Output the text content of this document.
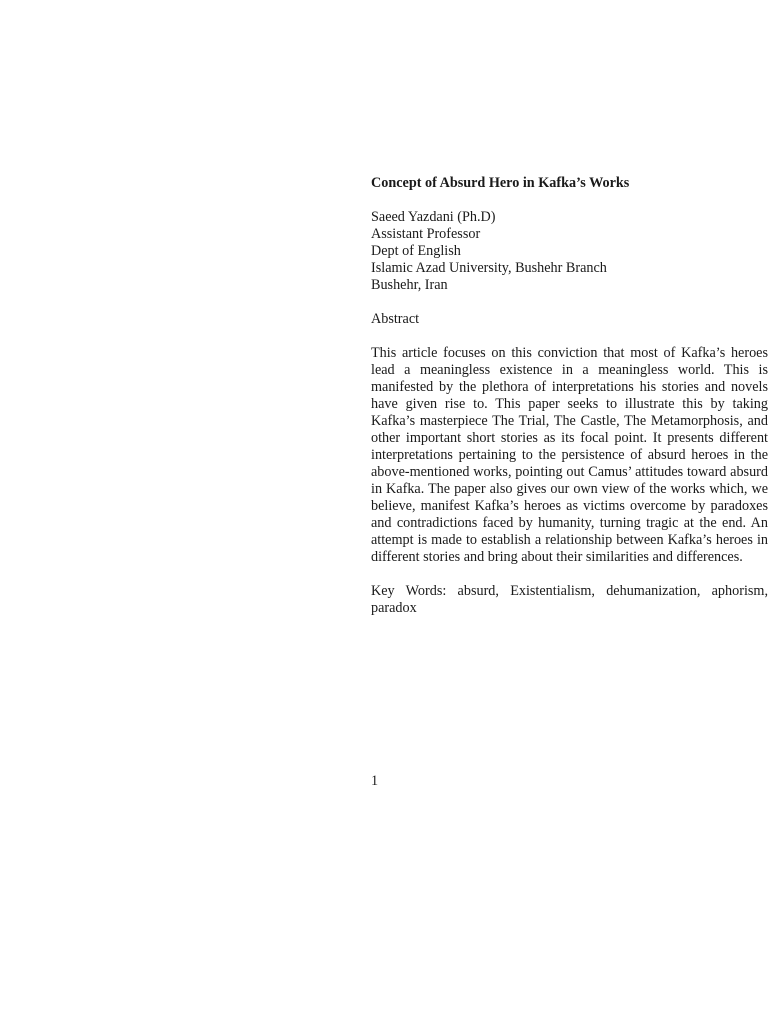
Concept of Absurd Hero in Kafka’s Works
Saeed Yazdani (Ph.D)
Assistant Professor
Dept of English
Islamic Azad University, Bushehr Branch
Bushehr, Iran
Abstract

This article focuses on this conviction that most of Kafka’s heroes lead a meaningless existence in a meaningless world. This is manifested by the plethora of interpretations his stories and novels have given rise to. This paper seeks to illustrate this by taking Kafka’s masterpiece The Trial, The Castle, The Metamorphosis, and other important short stories as its focal point. It presents different interpretations pertaining to the persistence of absurd heroes in the above-mentioned works, pointing out Camus’ attitudes toward absurd in Kafka. The paper also gives our own view of the works which, we believe, manifest Kafka’s heroes as victims overcome by paradoxes and contradictions faced by humanity, turning tragic at the end. An attempt is made to establish a relationship between Kafka’s heroes in different stories and bring about their similarities and differences.

Key Words: absurd, Existentialism, dehumanization, aphorism, paradox

1
